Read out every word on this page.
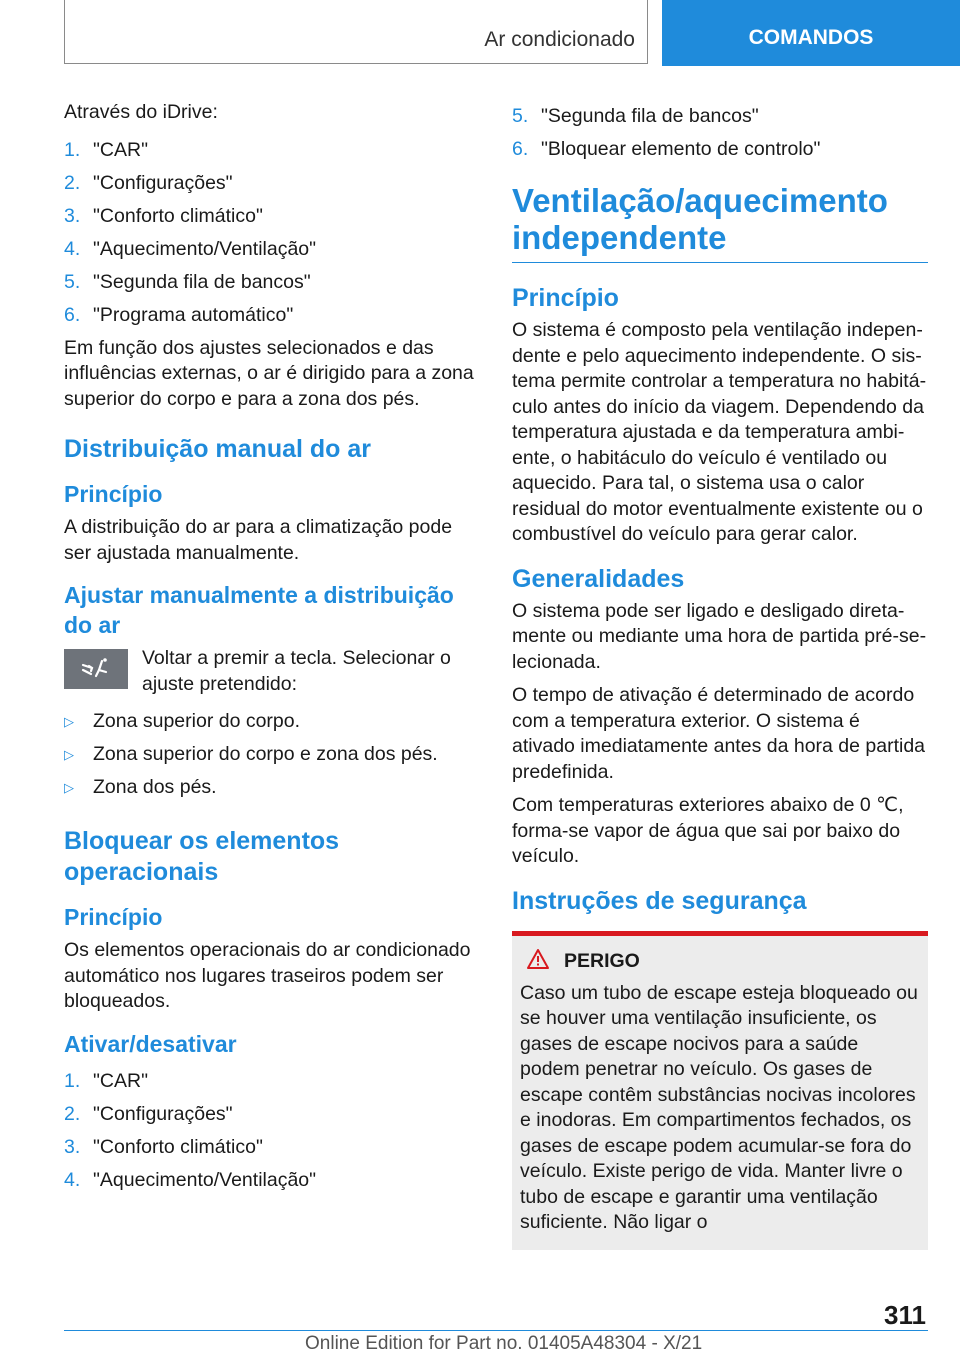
Ar condicionado	COMANDOS

Através do iDrive:

1. "CAR"
2. "Configurações"
3. "Conforto climático"
4. "Aquecimento/Ventilação"
5. "Segunda fila de bancos"
6. "Programa automático"

Em função dos ajustes selecionados e das influências externas, o ar é dirigido para a zona superior do corpo e para a zona dos pés.

Distribuição manual do ar
Princípio

A distribuição do ar para a climatização pode ser ajustada manualmente.

Ajustar manualmente a distribuição do ar

Voltar a premir a tecla. Selecionar o ajuste pretendido:

▷ Zona superior do corpo.
▷ Zona superior do corpo e zona dos pés.
▷ Zona dos pés.
Bloquear os elementos operacionais
Princípio

Os elementos operacionais do ar condicionado automático nos lugares traseiros podem ser bloqueados.

Ativar/desativar
1. "CAR"
2. "Configurações"
3. "Conforto climático"
4. "Aquecimento/Ventilação"
5. "Segunda fila de bancos"
6. "Bloquear elemento de controlo"
Ventilação/aquecimento independente
Princípio

O sistema é composto pela ventilação independente e pelo aquecimento independente. O sistema permite controlar a temperatura no habitáculo antes do início da viagem. Dependendo da temperatura ajustada e da temperatura ambiente, o habitáculo do veículo é ventilado ou aquecido. Para tal, o sistema usa o calor residual do motor eventualmente existente ou o combustível do veículo para gerar calor.

Generalidades

O sistema pode ser ligado e desligado diretamente ou mediante uma hora de partida pré-selecionada.

O tempo de ativação é determinado de acordo com a temperatura exterior. O sistema é ativado imediatamente antes da hora de partida predefinida.

Com temperaturas exteriores abaixo de 0 ℃, forma-se vapor de água que sai por baixo do veículo.

Instruções de segurança
PERIGO

Caso um tubo de escape esteja bloqueado ou se houver uma ventilação insuficiente, os gases de escape nocivos para a saúde podem penetrar no veículo. Os gases de escape contêm substâncias nocivas incolores e inodoras. Em compartimentos fechados, os gases de escape podem acumular-se fora do veículo. Existe perigo de vida. Manter livre o tubo de escape e garantir uma ventilação suficiente. Não ligar o

311
Online Edition for Part no. 01405A48304 - X/21
